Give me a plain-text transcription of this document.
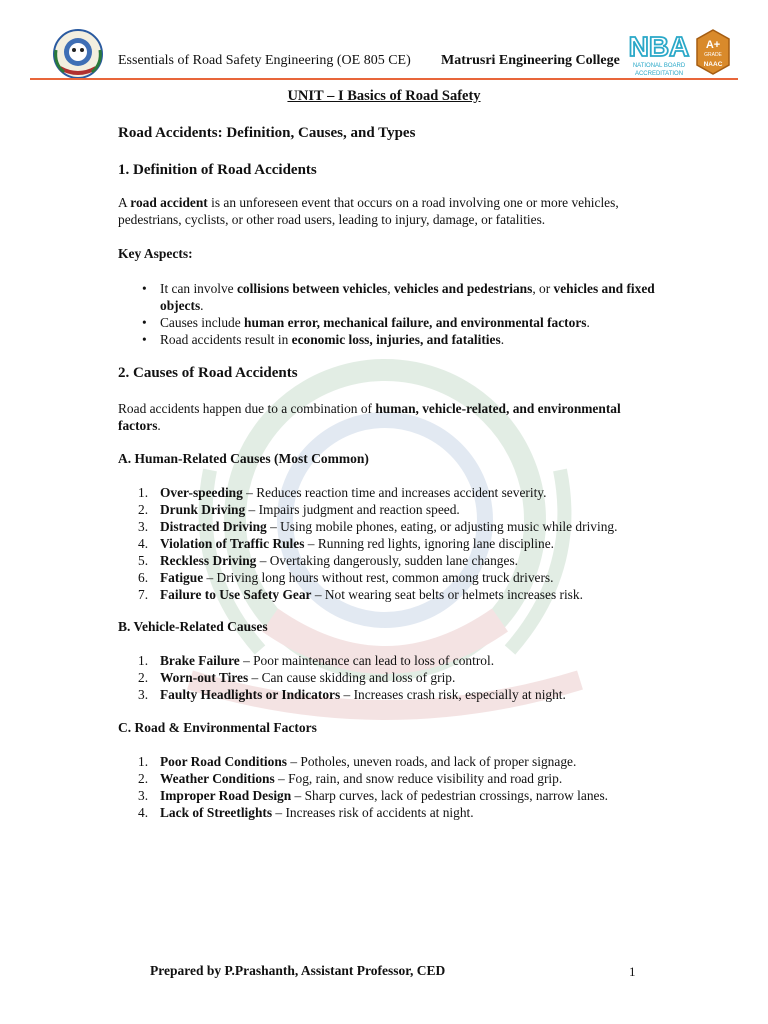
Essentials of Road Safety Engineering (OE 805 CE) Matrusri Engineering College NBA
NATIONAL BOARD
ACCREDITATION
A+
GRADE
NAAC
UNIT – I Basics of Road Safety
Road Accidents: Definition, Causes, and Types
1. Definition of Road Accidents
A road accident is an unforeseen event that occurs on a road involving one or more vehicles, pedestrians, cyclists, or other road users, leading to injury, damage, or fatalities.
Key Aspects:
• It can involve collisions between vehicles, vehicles and pedestrians, or vehicles and fixed objects.
• Causes include human error, mechanical failure, and environmental factors.
• Road accidents result in economic loss, injuries, and fatalities.
2. Causes of Road Accidents
Road accidents happen due to a combination of human, vehicle-related, and environmental factors.
A. Human-Related Causes (Most Common)
1. Over-speeding – Reduces reaction time and increases accident severity.
2. Drunk Driving – Impairs judgment and reaction speed.
3. Distracted Driving – Using mobile phones, eating, or adjusting music while driving.
4. Violation of Traffic Rules – Running red lights, ignoring lane discipline.
5. Reckless Driving – Overtaking dangerously, sudden lane changes.
6. Fatigue – Driving long hours without rest, common among truck drivers.
7. Failure to Use Safety Gear – Not wearing seat belts or helmets increases risk.
B. Vehicle-Related Causes
1. Brake Failure – Poor maintenance can lead to loss of control.
2. Worn-out Tires – Can cause skidding and loss of grip.
3. Faulty Headlights or Indicators – Increases crash risk, especially at night.
C. Road & Environmental Factors
1. Poor Road Conditions – Potholes, uneven roads, and lack of proper signage.
2. Weather Conditions – Fog, rain, and snow reduce visibility and road grip.
3. Improper Road Design – Sharp curves, lack of pedestrian crossings, narrow lanes.
4. Lack of Streetlights – Increases risk of accidents at night.
Prepared by P.Prashanth, Assistant Professor, CED	1
